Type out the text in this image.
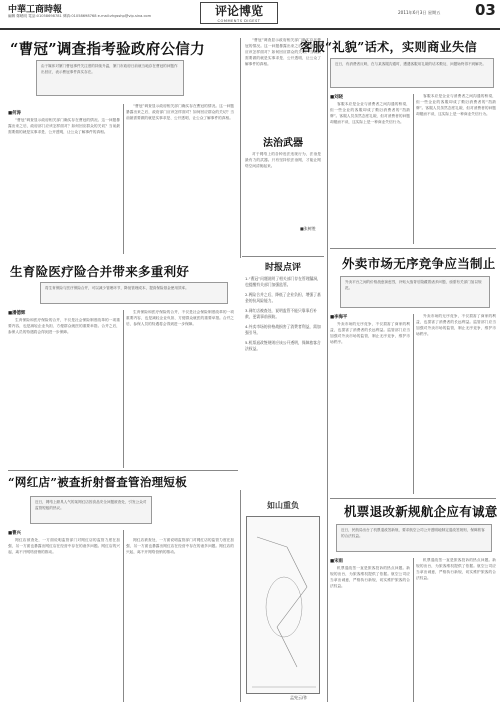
中華工商時報
編輯 鄭曉明 電話:01058698781 傳真:01058698768 e-mail:zhgsshp@vip.sina.com	评论博览
COMMENTS DIGEST
2011年6月3日 星期五 03
“曹冠”调查指考验政府公信力
由于媒体对厦门曹冠事件关注度的持续升温，厦门市政府日前就当地存在曹冠的问题作出回应，表示曹冠事件真实存在。
■何涛
“曹冠”调查显示政府相关部门确实存在曹冠的情况。这一问题暴露出来之后，政府部门应该怎样面对？如何回应群众的关切？当前最需要做的就是实事求是、公开透明，让公众了解事件的真相。
“曹冠”调查显示政府相关部门确实存在曹冠的情况。这一问题暴露出来之后，政府部门应该怎样面对？如何回应群众的关切？当前最需要做的就是实事求是、公开透明，让公众了解事件的真相。
法治武器
对于网络上的各种违法违规行为，法治是最有力的武器。只有坚持依法治网，才能让网络空间清朗起来。
■张树胜
“曹冠”调查显示政府相关部门确实存在曹冠的情况。这一问题暴露出来之后，政府部门应该怎样面对？如何回应群众的关切？当前最需要做的就是实事求是、公开透明，让公众了解事件的真相。
时报点评

1.“曹冠”问题说明了相关部门存在管理漏洞，也提醒有关部门加强监管。

2.两险合并之后，降低了企业负担，增强了基金的抗风险能力。

3.网红店被查处，说明监管不能只靠事后补救，更需事前预防。

4.外卖市场的价格战损害了消费者利益，需加强引导。

5.机票退改签规则应该公开透明，保障旅客合法权益。

生育险医疗险合并带来多重利好
将生育保险与医疗保险合并，可以减少管理环节，降低管理成本，提高保险基金使用效率。
■潘德辉
生育保险和医疗保险的合并，不仅是社会保险制度改革的一项重要内容，也是减轻企业负担、方便群众就医的重要举措。合并之后，参保人员的待遇将会得到进一步保障。
生育保险和医疗保险的合并，不仅是社会保险制度改革的一项重要内容，也是减轻企业负担、方便群众就医的重要举措。合并之后，参保人员的待遇将会得到进一步保障。
“网红店”被查折射督查管治理短板
近日，网络上颇具人气的某网红店因食品安全问题被查处，引发公众对监管短板的热议。
■曹兴
网红店被查处，一方面说明监管部门对网红店的监管力度在加强，另一方面也暴露出网红店在经营中存在的诸多问题。网红店的兴起，离不开网络营销的推动。
网红店被查处，一方面说明监管部门对网红店的监管力度在加强，另一方面也暴露出网红店在经营中存在的诸多问题。网红店的兴起，离不开网络营销的推动。
如山重负
孟宪云/作
客服“礼貌”话术，实则商业失信
近日，有消费者反映，在与某客服沟通时，遭遇客服用礼貌的话术敷衍，问题始终得不到解决。
■刘晓
客服本应是企业与消费者之间沟通的桥梁，但一些企业的客服却成了敷衍消费者的“挡箭牌”。客服人员虽然态度礼貌，但对消费者的问题却避而不谈，这实际上是一种商业失信行为。
客服本应是企业与消费者之间沟通的桥梁，但一些企业的客服却成了敷衍消费者的“挡箭牌”。客服人员虽然态度礼貌，但对消费者的问题却避而不谈，这实际上是一种商业失信行为。
外卖市场无序竞争应当制止
外卖平台之间的价格战愈演愈烈，补贴大战背后隐藏着诸多问题，亟需有关部门加以规范。
■李海平
外卖市场的无序竞争，不仅损害了商家的利益，也损害了消费者的长远利益。监管部门应当加强对外卖市场的监管，制止无序竞争，维护市场秩序。
外卖市场的无序竞争，不仅损害了商家的利益，也损害了消费者的长远利益。监管部门应当加强对外卖市场的监管，制止无序竞争，维护市场秩序。
机票退改新规航企应有诚意
近日，民航局出台了机票退改签新规，要求航空公司公开透明地制定退改签规则，保障旅客的合法权益。
■宋雨
机票退改签一直是旅客投诉的热点问题。新规的出台，为旅客维权提供了依据。航空公司应当拿出诚意，严格执行新规，切实维护旅客的合法权益。
机票退改签一直是旅客投诉的热点问题。新规的出台，为旅客维权提供了依据。航空公司应当拿出诚意，严格执行新规，切实维护旅客的合法权益。
